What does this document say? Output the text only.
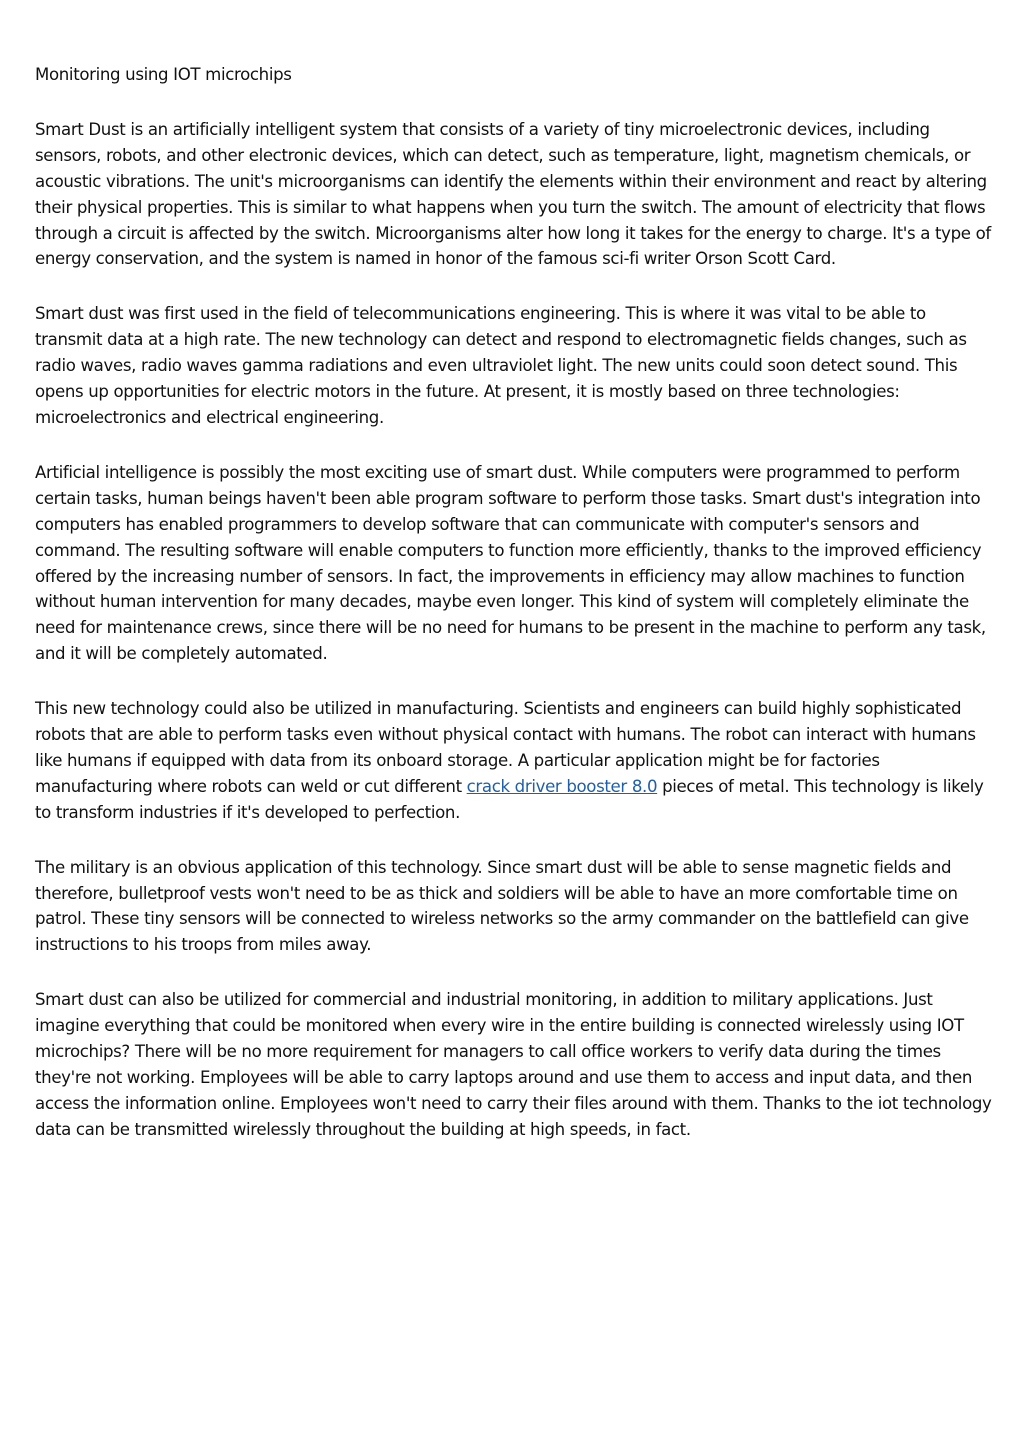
Monitoring using IOT microchips

Smart Dust is an artificially intelligent system that consists of a variety of tiny microelectronic devices, including sensors, robots, and other electronic devices, which can detect, such as temperature, light, magnetism chemicals, or acoustic vibrations. The unit's microorganisms can identify the elements within their environment and react by altering their physical properties. This is similar to what happens when you turn the switch. The amount of electricity that flows through a circuit is affected by the switch. Microorganisms alter how long it takes for the energy to charge. It's a type of energy conservation, and the system is named in honor of the famous sci-fi writer Orson Scott Card.

Smart dust was first used in the field of telecommunications engineering. This is where it was vital to be able to transmit data at a high rate. The new technology can detect and respond to electromagnetic fields changes, such as radio waves, radio waves gamma radiations and even ultraviolet light. The new units could soon detect sound. This opens up opportunities for electric motors in the future. At present, it is mostly based on three technologies: microelectronics and electrical engineering.

Artificial intelligence is possibly the most exciting use of smart dust. While computers were programmed to perform certain tasks, human beings haven't been able program software to perform those tasks. Smart dust's integration into computers has enabled programmers to develop software that can communicate with computer's sensors and command. The resulting software will enable computers to function more efficiently, thanks to the improved efficiency offered by the increasing number of sensors. In fact, the improvements in efficiency may allow machines to function without human intervention for many decades, maybe even longer. This kind of system will completely eliminate the need for maintenance crews, since there will be no need for humans to be present in the machine to perform any task, and it will be completely automated.

This new technology could also be utilized in manufacturing. Scientists and engineers can build highly sophisticated robots that are able to perform tasks even without physical contact with humans. The robot can interact with humans like humans if equipped with data from its onboard storage. A particular application might be for factories manufacturing where robots can weld or cut different crack driver booster 8.0 pieces of metal. This technology is likely to transform industries if it's developed to perfection.

The military is an obvious application of this technology. Since smart dust will be able to sense magnetic fields and therefore, bulletproof vests won't need to be as thick and soldiers will be able to have an more comfortable time on patrol. These tiny sensors will be connected to wireless networks so the army commander on the battlefield can give instructions to his troops from miles away.

Smart dust can also be utilized for commercial and industrial monitoring, in addition to military applications. Just imagine everything that could be monitored when every wire in the entire building is connected wirelessly using IOT microchips? There will be no more requirement for managers to call office workers to verify data during the times they're not working. Employees will be able to carry laptops around and use them to access and input data, and then access the information online. Employees won't need to carry their files around with them. Thanks to the iot technology data can be transmitted wirelessly throughout the building at high speeds, in fact.
